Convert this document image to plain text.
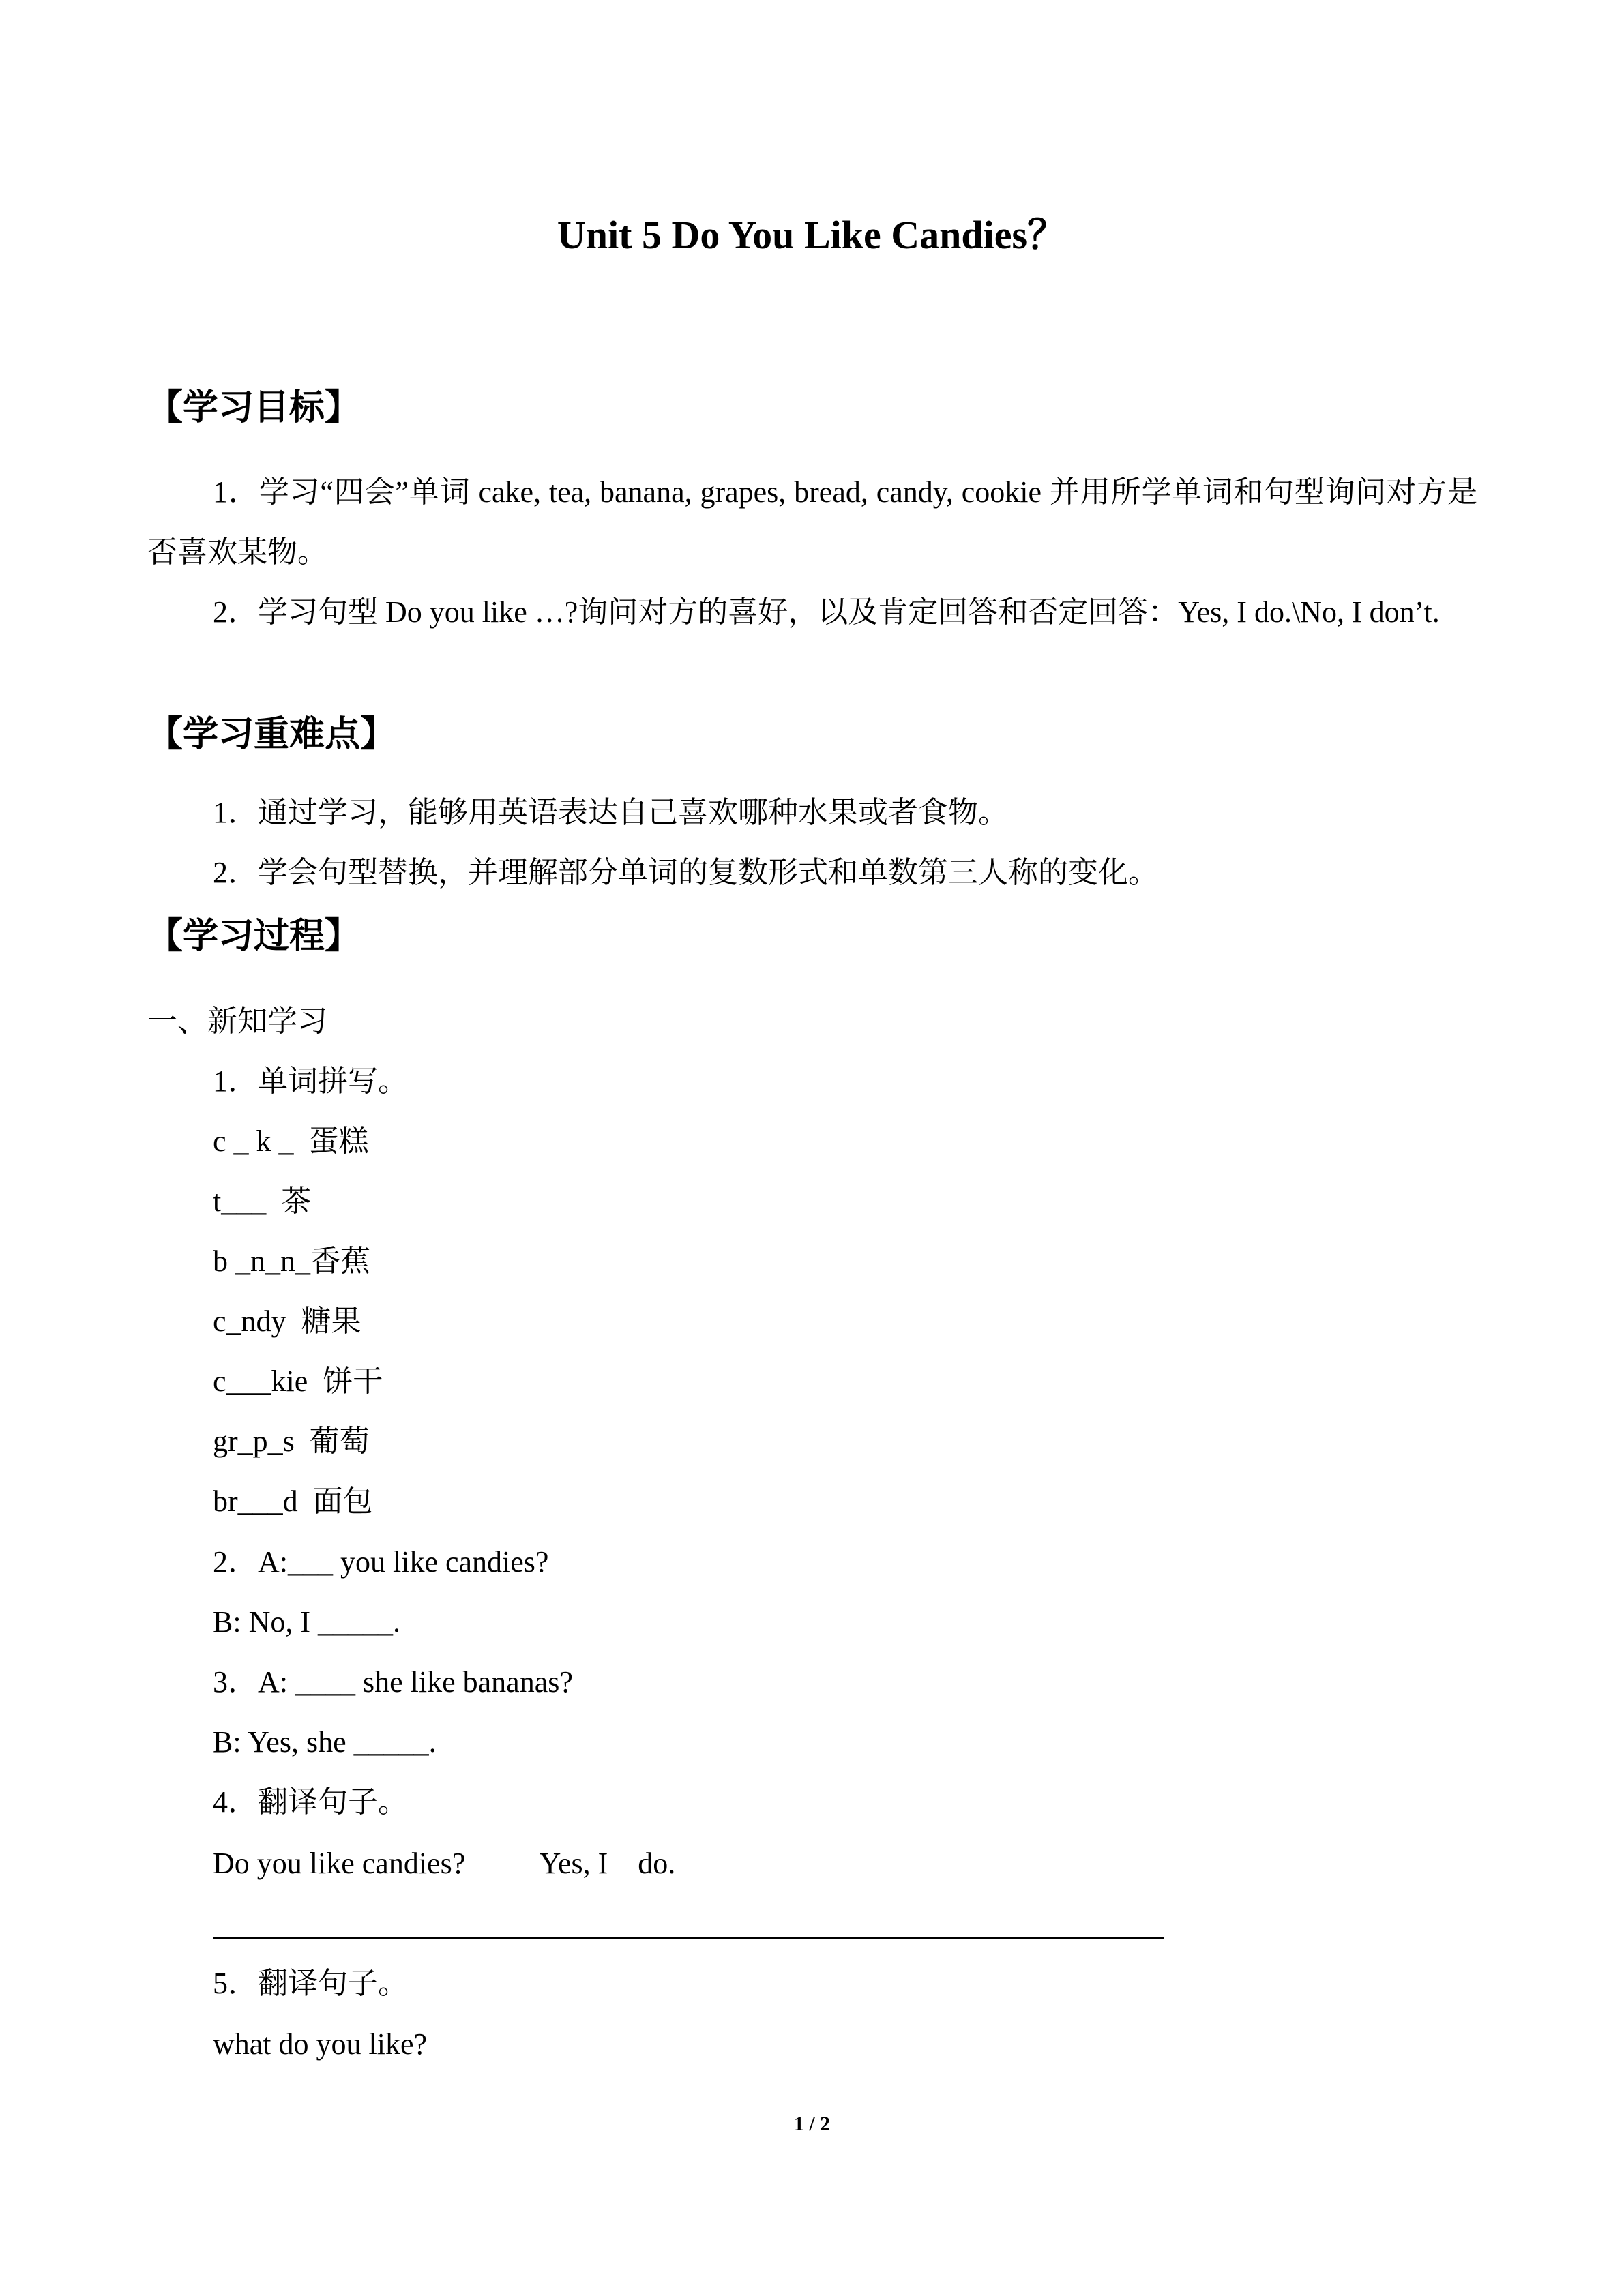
Unit 5 Do You Like Candies？
【学习目标】
1．学习“四会”单词 cake, tea, banana, grapes, bread, candy, cookie 并用所学单词和句型询问对方是否喜欢某物。
2．学习句型 Do you like …?询问对方的喜好，以及肯定回答和否定回答：Yes, I do.\No, I don’t.
【学习重难点】
1．通过学习，能够用英语表达自己喜欢哪种水果或者食物。
2．学会句型替换，并理解部分单词的复数形式和单数第三人称的变化。
【学习过程】
一、新知学习
1．单词拼写。
c _ k _  蛋糕
t___  茶
b _n_n_香蕉
c_ndy  糖果
c___kie  饼干
gr_p_s  葡萄
br___d  面包
2．A:___ you like candies?
B: No, I _____.
3．A: ____ she like bananas?
B: Yes, she _____.
4．翻译句子。
Do you like candies?          Yes, I    do.
5．翻译句子。
what do you like?
1 / 2
